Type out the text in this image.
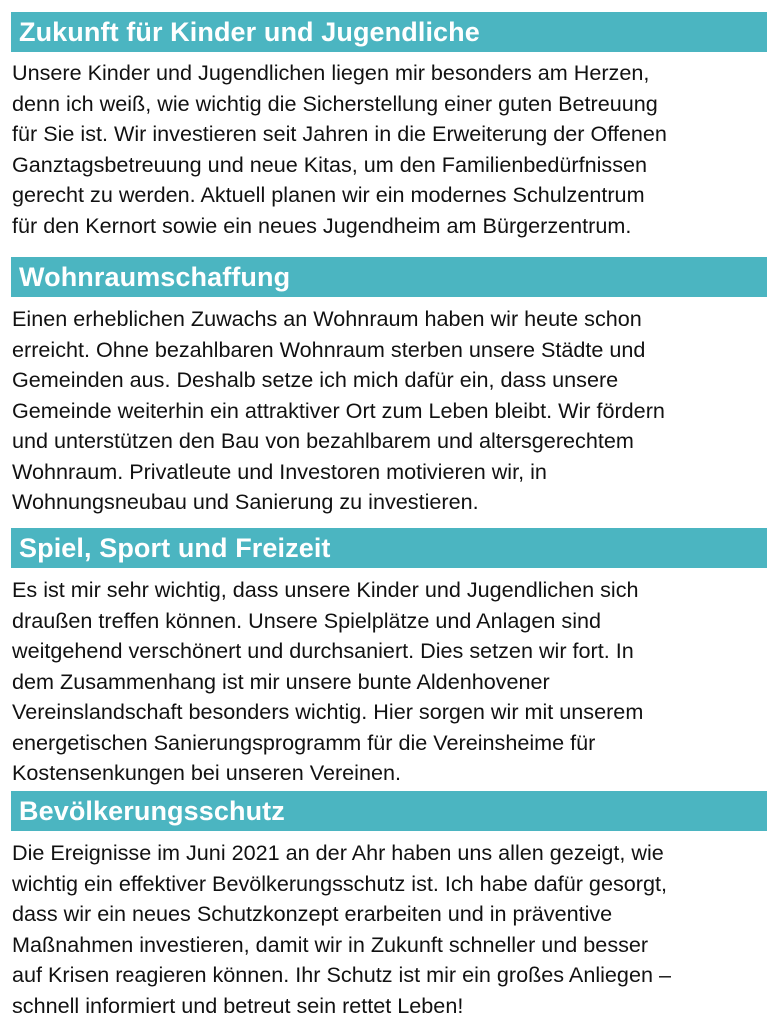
Zukunft für Kinder und Jugendliche

Unsere Kinder und Jugendlichen liegen mir besonders am Herzen,
denn ich weiß, wie wichtig die Sicherstellung einer guten Betreuung
für Sie ist. Wir investieren seit Jahren in die Erweiterung der Offenen
Ganztagsbetreuung und neue Kitas, um den Familienbedürfnissen
gerecht zu werden. Aktuell planen wir ein modernes Schulzentrum
für den Kernort sowie ein neues Jugendheim am Bürgerzentrum.

Wohnraumschaffung

Einen erheblichen Zuwachs an Wohnraum haben wir heute schon
erreicht. Ohne bezahlbaren Wohnraum sterben unsere Städte und
Gemeinden aus. Deshalb setze ich mich dafür ein, dass unsere
Gemeinde weiterhin ein attraktiver Ort zum Leben bleibt. Wir fördern
und unterstützen den Bau von bezahlbarem und altersgerechtem
Wohnraum. Privatleute und Investoren motivieren wir, in
Wohnungsneubau und Sanierung zu investieren.

Spiel, Sport und Freizeit

Es ist mir sehr wichtig, dass unsere Kinder und Jugendlichen sich
draußen treffen können. Unsere Spielplätze und Anlagen sind
weitgehend verschönert und durchsaniert. Dies setzen wir fort. In
dem Zusammenhang ist mir unsere bunte Aldenhovener
Vereinslandschaft besonders wichtig. Hier sorgen wir mit unserem
energetischen Sanierungsprogramm für die Vereinsheime für
Kostensenkungen bei unseren Vereinen.

Bevölkerungsschutz

Die Ereignisse im Juni 2021 an der Ahr haben uns allen gezeigt, wie
wichtig ein effektiver Bevölkerungsschutz ist. Ich habe dafür gesorgt,
dass wir ein neues Schutzkonzept erarbeiten und in präventive
Maßnahmen investieren, damit wir in Zukunft schneller und besser
auf Krisen reagieren können. Ihr Schutz ist mir ein großes Anliegen –
schnell informiert und betreut sein rettet Leben!
